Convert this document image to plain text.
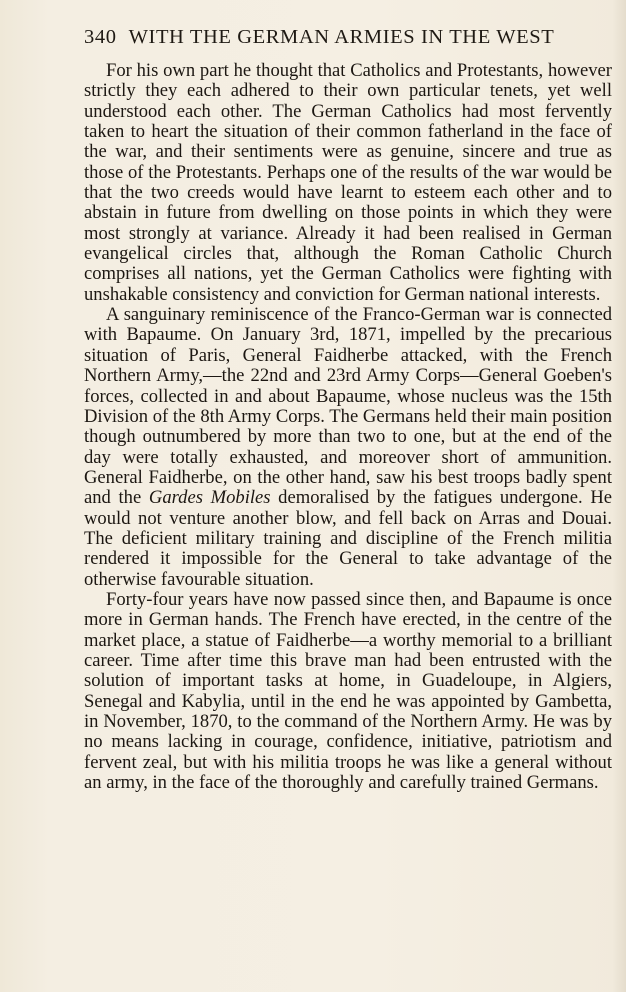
340 WITH THE GERMAN ARMIES IN THE WEST

For his own part he thought that Catholics and Protestants, however strictly they each adhered to their own particular tenets, yet well understood each other. The German Catholics had most fervently taken to heart the situation of their common fatherland in the face of the war, and their sentiments were as genuine, sincere and true as those of the Protestants. Perhaps one of the results of the war would be that the two creeds would have learnt to esteem each other and to abstain in future from dwelling on those points in which they were most strongly at variance. Already it had been realised in German evangelical circles that, although the Roman Catholic Church comprises all nations, yet the German Catholics were fighting with unshakable consistency and conviction for German national interests.

A sanguinary reminiscence of the Franco-German war is connected with Bapaume. On January 3rd, 1871, impelled by the precarious situation of Paris, General Faidherbe attacked, with the French Northern Army,—the 22nd and 23rd Army Corps—General Goeben's forces, collected in and about Bapaume, whose nucleus was the 15th Division of the 8th Army Corps. The Germans held their main position though outnumbered by more than two to one, but at the end of the day were totally exhausted, and moreover short of ammunition. General Faidherbe, on the other hand, saw his best troops badly spent and the Gardes Mobiles demoralised by the fatigues undergone. He would not venture another blow, and fell back on Arras and Douai. The deficient military training and discipline of the French militia rendered it impossible for the General to take advantage of the otherwise favourable situation.

Forty-four years have now passed since then, and Bapaume is once more in German hands. The French have erected, in the centre of the market place, a statue of Faidherbe—a worthy memorial to a brilliant career. Time after time this brave man had been entrusted with the solution of important tasks at home, in Guadeloupe, in Algiers, Senegal and Kabylia, until in the end he was appointed by Gambetta, in November, 1870, to the command of the Northern Army. He was by no means lacking in courage, confidence, initiative, patriotism and fervent zeal, but with his militia troops he was like a general without an army, in the face of the thoroughly and carefully trained Germans.
